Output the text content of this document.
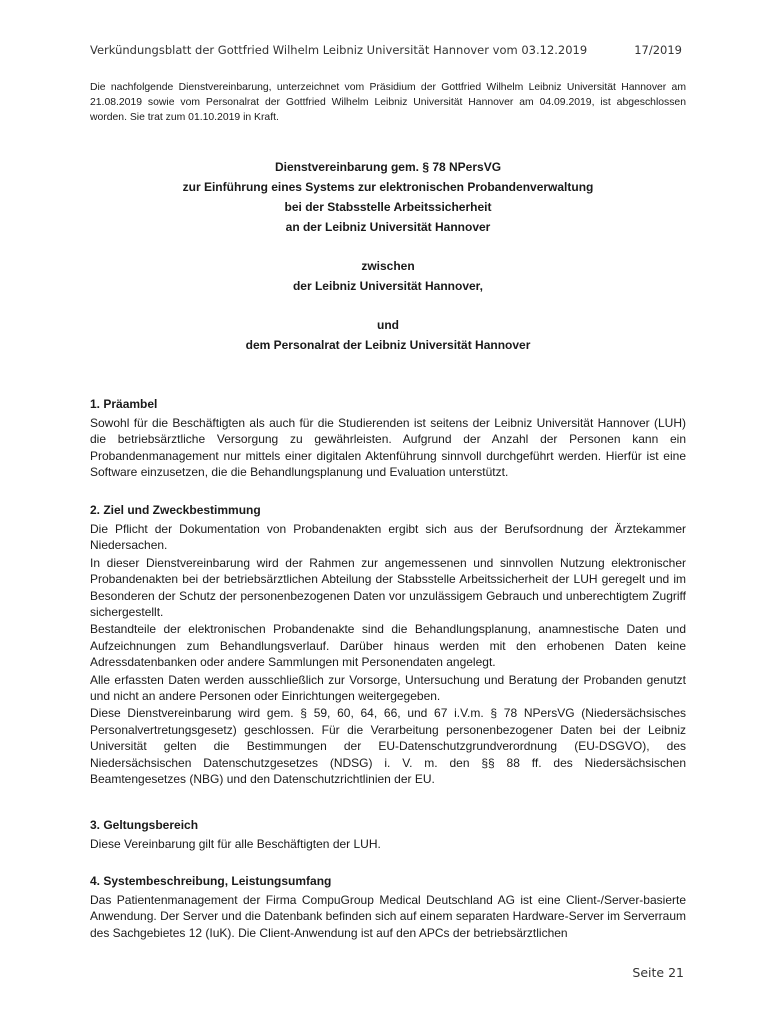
Verkündungsblatt der Gottfried Wilhelm Leibniz Universität Hannover vom 03.12.2019	17/2019
Die nachfolgende Dienstvereinbarung, unterzeichnet vom Präsidium der Gottfried Wilhelm Leibniz Universität Hannover am 21.08.2019 sowie vom Personalrat der Gottfried Wilhelm Leibniz Universität Hannover am 04.09.2019, ist abgeschlossen worden. Sie trat zum 01.10.2019 in Kraft.
Dienstvereinbarung gem. § 78 NPersVG
zur Einführung eines Systems zur elektronischen Probandenverwaltung
bei der Stabsstelle Arbeitssicherheit
an der Leibniz Universität Hannover
zwischen
der Leibniz Universität Hannover,
und
dem Personalrat der Leibniz Universität Hannover
1. Präambel

Sowohl für die Beschäftigten als auch für die Studierenden ist seitens der Leibniz Universität Hannover (LUH) die betriebsärztliche Versorgung zu gewährleisten. Aufgrund der Anzahl der Personen kann ein Probandenmanagement nur mittels einer digitalen Aktenführung sinnvoll durchgeführt werden. Hierfür ist eine Software einzusetzen, die die Behandlungsplanung und Evaluation unterstützt.

2. Ziel und Zweckbestimmung

Die Pflicht der Dokumentation von Probandenakten ergibt sich aus der Berufsordnung der Ärztekammer Niedersachen.

In dieser Dienstvereinbarung wird der Rahmen zur angemessenen und sinnvollen Nutzung elektronischer Probandenakten bei der betriebsärztlichen Abteilung der Stabsstelle Arbeitssicherheit der LUH geregelt und im Besonderen der Schutz der personenbezogenen Daten vor unzulässigem Gebrauch und unberechtigtem Zugriff sichergestellt.

Bestandteile der elektronischen Probandenakte sind die Behandlungsplanung, anamnestische Daten und Aufzeichnungen zum Behandlungsverlauf. Darüber hinaus werden mit den erhobenen Daten keine Adressdatenbanken oder andere Sammlungen mit Personendaten angelegt.

Alle erfassten Daten werden ausschließlich zur Vorsorge, Untersuchung und Beratung der Probanden genutzt und nicht an andere Personen oder Einrichtungen weitergegeben.

Diese Dienstvereinbarung wird gem. § 59, 60, 64, 66, und 67 i.V.m. § 78 NPersVG (Niedersächsisches Personalvertretungsgesetz) geschlossen. Für die Verarbeitung personenbezogener Daten bei der Leibniz Universität gelten die Bestimmungen der EU-Datenschutzgrundverordnung (EU-DSGVO), des Niedersächsischen Datenschutzgesetzes (NDSG) i. V. m. den §§ 88 ff. des Niedersächsischen Beamtengesetzes (NBG) und den Datenschutzrichtlinien der EU.

3. Geltungsbereich

Diese Vereinbarung gilt für alle Beschäftigten der LUH.

4. Systembeschreibung, Leistungsumfang

Das Patientenmanagement der Firma CompuGroup Medical Deutschland AG ist eine Client-/Server-basierte Anwendung. Der Server und die Datenbank befinden sich auf einem separaten Hardware-Server im Serverraum des Sachgebietes 12 (IuK). Die Client-Anwendung ist auf den APCs der betriebsärztlichen

Seite 21
